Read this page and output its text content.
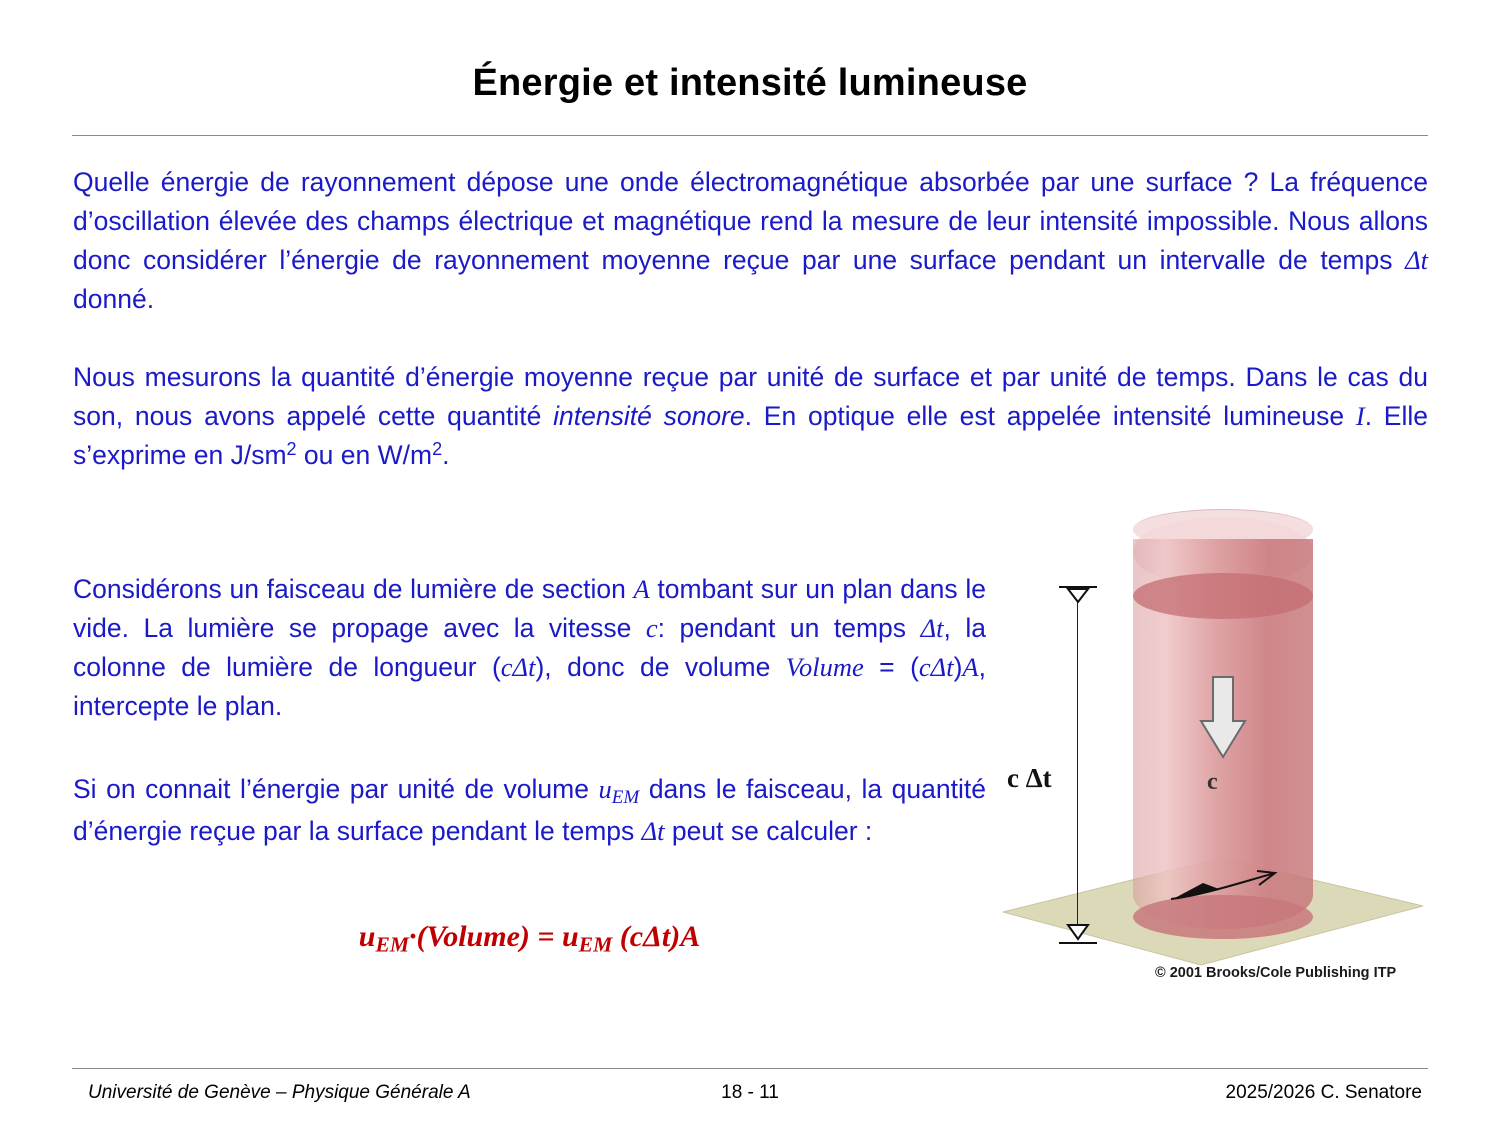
Énergie et intensité lumineuse
Quelle énergie de rayonnement dépose une onde électromagnétique absorbée par une surface ? La fréquence d’oscillation élevée des champs électrique et magnétique rend la mesure de leur intensité impossible. Nous allons donc considérer l’énergie de rayonnement moyenne reçue par une surface pendant un intervalle de temps Δt donné.
Nous mesurons la quantité d’énergie moyenne reçue par unité de surface et par unité de temps. Dans le cas du son, nous avons appelé cette quantité intensité sonore. En optique elle est appelée intensité lumineuse I. Elle s’exprime en $J/sm^2$ ou en $W/m^2$.
Considérons un faisceau de lumière de section A tombant sur un plan dans le vide. La lumière se propage avec la vitesse c: pendant un temps Δt, la colonne de lumière de longueur (cΔt), donc de volume Volume = (cΔt)A, intercepte le plan.
Si on connait l’énergie par unité de volume $u_{EM}$ dans le faisceau, la quantité d’énergie reçue par la surface pendant le temps Δt peut se calculer :
$u_{EM}\cdot(Volume) = u_{EM}$ (cΔt)A
c
c Δt
© 2001 Brooks/Cole Publishing ITP
Université de Genève – Physique Générale A	18 - 11	2025/2026 C. Senatore
